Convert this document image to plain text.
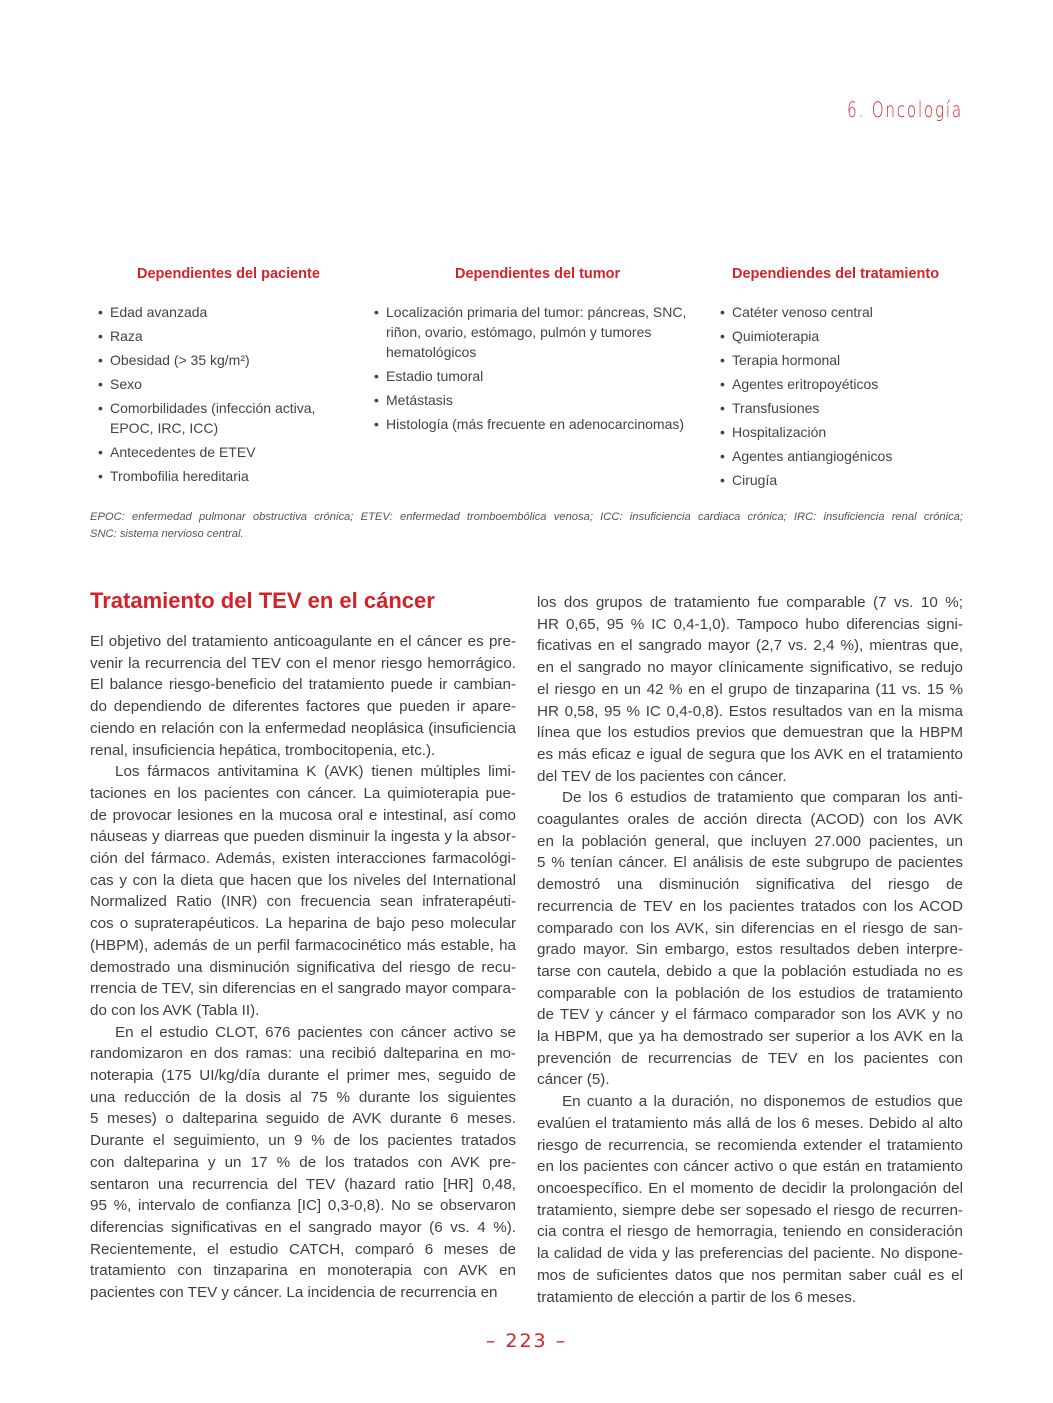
6. Oncología
Dependientes del paciente
• Edad avanzada
• Raza
• Obesidad (> 35 kg/m²)
• Sexo
• Comorbilidades (infección activa, EPOC, IRC, ICC)
• Antecedentes de ETEV
• Trombofilia hereditaria
Dependientes del tumor
• Localización primaria del tumor: páncreas, SNC, riñon, ovario, estómago, pulmón y tumores hematológicos
• Estadio tumoral
• Metástasis
• Histología (más frecuente en adenocarcinomas)
Dependiendes del tratamiento
• Catéter venoso central
• Quimioterapia
• Terapia hormonal
• Agentes eritropoyéticos
• Transfusiones
• Hospitalización
• Agentes antiangiogénicos
• Cirugía
EPOC: enfermedad pulmonar obstructiva crónica; ETEV: enfermedad tromboembólica venosa; ICC: insuficiencia cardiaca crónica; IRC: insuficiencia renal crónica;
SNC: sistema nervioso central.
Tratamiento del TEV en el cáncer
El objetivo del tratamiento anticoagulante en el cáncer es pre-
venir la recurrencia del TEV con el menor riesgo hemorrágico.
El balance riesgo-beneficio del tratamiento puede ir cambian-
do dependiendo de diferentes factores que pueden ir apare-
ciendo en relación con la enfermedad neoplásica (insuficiencia
renal, insuficiencia hepática, trombocitopenia, etc.).
Los fármacos antivitamina K (AVK) tienen múltiples limi-
taciones en los pacientes con cáncer. La quimioterapia pue-
de provocar lesiones en la mucosa oral e intestinal, así como
náuseas y diarreas que pueden disminuir la ingesta y la absor-
ción del fármaco. Además, existen interacciones farmacológi-
cas y con la dieta que hacen que los niveles del International
Normalized Ratio (INR) con frecuencia sean infraterapéuti-
cos o supraterapéuticos. La heparina de bajo peso molecular
(HBPM), además de un perfil farmacocinético más estable, ha
demostrado una disminución significativa del riesgo de recu-
rrencia de TEV, sin diferencias en el sangrado mayor compara-
do con los AVK (Tabla II).
En el estudio CLOT, 676 pacientes con cáncer activo se
randomizaron en dos ramas: una recibió dalteparina en mo-
noterapia (175 UI/kg/día durante el primer mes, seguido de
una reducción de la dosis al 75 % durante los siguientes
5 meses) o dalteparina seguido de AVK durante 6 meses.
Durante el seguimiento, un 9 % de los pacientes tratados
con dalteparina y un 17 % de los tratados con AVK pre-
sentaron una recurrencia del TEV (hazard ratio [HR] 0,48,
95 %, intervalo de confianza [IC] 0,3-0,8). No se observaron
diferencias significativas en el sangrado mayor (6 vs. 4 %).
Recientemente, el estudio CATCH, comparó 6 meses de
tratamiento con tinzaparina en monoterapia con AVK en
pacientes con TEV y cáncer. La incidencia de recurrencia en
los dos grupos de tratamiento fue comparable (7 vs. 10 %;
HR 0,65, 95 % IC 0,4-1,0). Tampoco hubo diferencias signi-
ficativas en el sangrado mayor (2,7 vs. 2,4 %), mientras que,
en el sangrado no mayor clínicamente significativo, se redujo
el riesgo en un 42 % en el grupo de tinzaparina (11 vs. 15 %
HR 0,58, 95 % IC 0,4-0,8). Estos resultados van en la misma
línea que los estudios previos que demuestran que la HBPM
es más eficaz e igual de segura que los AVK en el tratamiento
del TEV de los pacientes con cáncer.
De los 6 estudios de tratamiento que comparan los anti-
coagulantes orales de acción directa (ACOD) con los AVK
en la población general, que incluyen 27.000 pacientes, un
5 % tenían cáncer. El análisis de este subgrupo de pacientes
demostró una disminución significativa del riesgo de
recurrencia de TEV en los pacientes tratados con los ACOD
comparado con los AVK, sin diferencias en el riesgo de san-
grado mayor. Sin embargo, estos resultados deben interpre-
tarse con cautela, debido a que la población estudiada no es
comparable con la población de los estudios de tratamiento
de TEV y cáncer y el fármaco comparador son los AVK y no
la HBPM, que ya ha demostrado ser superior a los AVK en la
prevención de recurrencias de TEV en los pacientes con
cáncer (5).
En cuanto a la duración, no disponemos de estudios que
evalúen el tratamiento más allá de los 6 meses. Debido al alto
riesgo de recurrencia, se recomienda extender el tratamiento
en los pacientes con cáncer activo o que están en tratamiento
oncoespecífico. En el momento de decidir la prolongación del
tratamiento, siempre debe ser sopesado el riesgo de recurren-
cia contra el riesgo de hemorragia, teniendo en consideración
la calidad de vida y las preferencias del paciente. No dispone-
mos de suficientes datos que nos permitan saber cuál es el
tratamiento de elección a partir de los 6 meses.
– 223 –
